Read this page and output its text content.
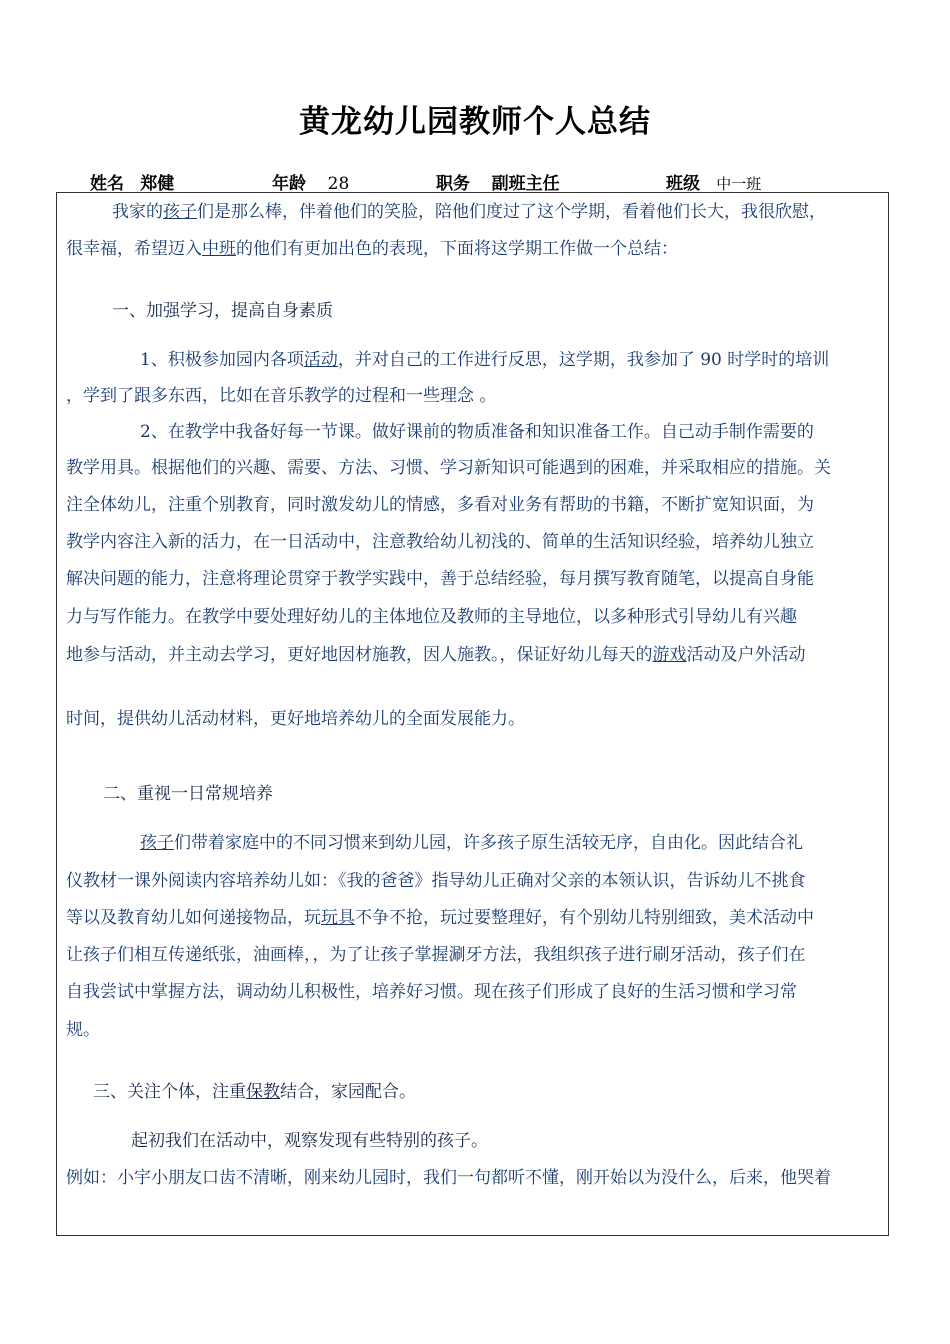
黄龙幼儿园教师个人总结
姓名 郑健	年龄 28	职务 副班主任	班级 中一班
我家的孩子们是那么棒，伴着他们的笑脸，陪他们度过了这个学期，看着他们长大，我很欣慰，
很幸福，希望迈入中班的他们有更加出色的表现，下面将这学期工作做一个总结：
一、加强学习，提高自身素质
1、积极参加园内各项活动，并对自己的工作进行反思，这学期，我参加了 90 时学时的培训
，学到了跟多东西，比如在音乐教学的过程和一些理念 。
2、在教学中我备好每一节课。做好课前的物质准备和知识准备工作。自己动手制作需要的
教学用具。根据他们的兴趣、需要、方法、习惯、学习新知识可能遇到的困难，并采取相应的措施。关
注全体幼儿，注重个别教育，同时激发幼儿的情感，多看对业务有帮助的书籍，不断扩宽知识面，为
教学内容注入新的活力，在一日活动中，注意教给幼儿初浅的、简单的生活知识经验，培养幼儿独立
解决问题的能力，注意将理论贯穿于教学实践中，善于总结经验，每月撰写教育随笔，以提高自身能
力与写作能力。在教学中要处理好幼儿的主体地位及教师的主导地位，以多种形式引导幼儿有兴趣
地参与活动，并主动去学习，更好地因材施教，因人施教。，保证好幼儿每天的游戏活动及户外活动
时间，提供幼儿活动材料，更好地培养幼儿的全面发展能力。
二、重视一日常规培养
孩子们带着家庭中的不同习惯来到幼儿园，许多孩子原生活较无序，自由化。因此结合礼
仪教材一课外阅读内容培养幼儿如：《我的爸爸》指导幼儿正确对父亲的本领认识，告诉幼儿不挑食
等以及教育幼儿如何递接物品，玩玩具不争不抢，玩过要整理好，有个别幼儿特别细致，美术活动中
让孩子们相互传递纸张，油画棒，，为了让孩子掌握涮牙方法，我组织孩子进行刷牙活动，孩子们在
自我尝试中掌握方法，调动幼儿积极性，培养好习惯。现在孩子们形成了良好的生活习惯和学习常
规。
三、关注个体，注重保教结合，家园配合。
起初我们在活动中，观察发现有些特别的孩子。
例如：小宇小朋友口齿不清晰，刚来幼儿园时，我们一句都听不懂，刚开始以为没什么，后来，他哭着
